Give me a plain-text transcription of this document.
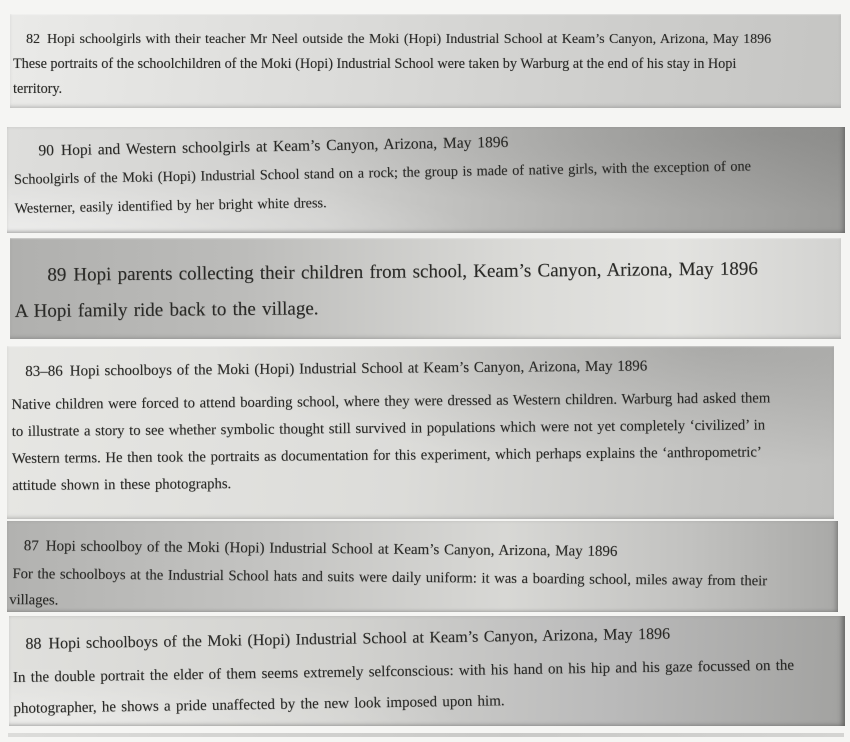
82 Hopi schoolgirls with their teacher Mr Neel outside the Moki (Hopi) Industrial School at Keam’s Canyon, Arizona, May 1896
These portraits of the schoolchildren of the Moki (Hopi) Industrial School were taken by Warburg at the end of his stay in Hopi
territory.
90 Hopi and Western schoolgirls at Keam’s Canyon, Arizona, May 1896
Schoolgirls of the Moki (Hopi) Industrial School stand on a rock; the group is made of native girls, with the exception of one
Westerner, easily identified by her bright white dress.
89 Hopi parents collecting their children from school, Keam’s Canyon, Arizona, May 1896
A Hopi family ride back to the village.
83–86 Hopi schoolboys of the Moki (Hopi) Industrial School at Keam’s Canyon, Arizona, May 1896
Native children were forced to attend boarding school, where they were dressed as Western children. Warburg had asked them
to illustrate a story to see whether symbolic thought still survived in populations which were not yet completely ‘civilized’ in
Western terms. He then took the portraits as documentation for this experiment, which perhaps explains the ‘anthropometric’
attitude shown in these photographs.
87 Hopi schoolboy of the Moki (Hopi) Industrial School at Keam’s Canyon, Arizona, May 1896
For the schoolboys at the Industrial School hats and suits were daily uniform: it was a boarding school, miles away from their
villages.
88 Hopi schoolboys of the Moki (Hopi) Industrial School at Keam’s Canyon, Arizona, May 1896
In the double portrait the elder of them seems extremely selfconscious: with his hand on his hip and his gaze focussed on the
photographer, he shows a pride unaffected by the new look imposed upon him.
